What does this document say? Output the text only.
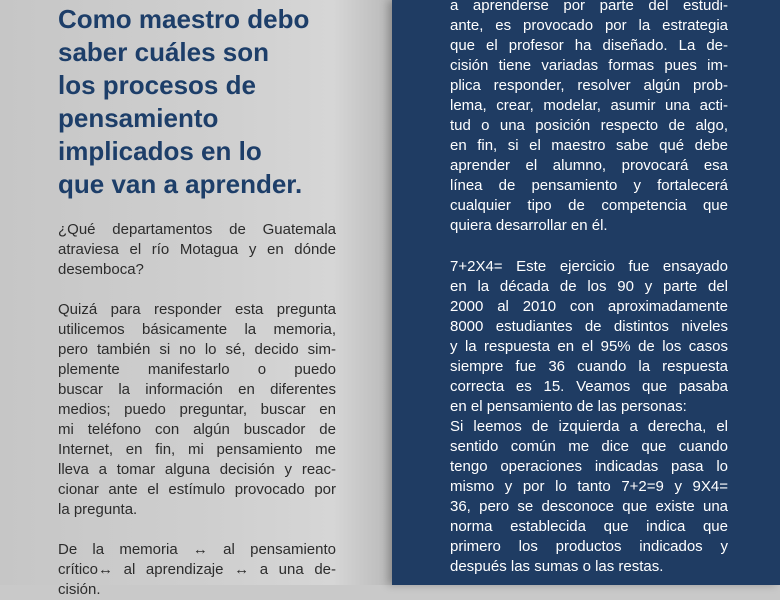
Como maestro debo
saber cuáles son
los procesos de
pensamiento
implicados en lo
que van a aprender.

¿Qué departamentos de Guatemala
atraviesa el río Motagua y en dónde
desemboca?

Quizá para responder esta pregunta
utilicemos básicamente la memoria,
pero también si no lo sé, decido sim-
plemente manifestarlo o puedo
buscar la información en diferentes
medios; puedo preguntar, buscar en
mi teléfono con algún buscador de
Internet, en fin, mi pensamiento me
lleva a tomar alguna decisión y reac-
cionar ante el estímulo provocado por
la pregunta.

De la memoria ↔ al pensamiento
crítico↔ al aprendizaje ↔ a una de-
cisión.

a aprenderse por parte del estudi-
ante, es provocado por la estrategia
que el profesor ha diseñado. La de-
cisión tiene variadas formas pues im-
plica responder, resolver algún prob-
lema, crear, modelar, asumir una acti-
tud o una posición respecto de algo,
en fin, si el maestro sabe qué debe
aprender el alumno, provocará esa
línea de pensamiento y fortalecerá
cualquier tipo de competencia que
quiera desarrollar en él.

7+2X4= Este ejercicio fue ensayado
en la década de los 90 y parte del
2000 al 2010 con aproximadamente
8000 estudiantes de distintos niveles
y la respuesta en el 95% de los casos
siempre fue 36 cuando la respuesta
correcta es 15. Veamos que pasaba
en el pensamiento de las personas:
Si leemos de izquierda a derecha, el
sentido común me dice que cuando
tengo operaciones indicadas pasa lo
mismo y por lo tanto 7+2=9 y 9X4=
36, pero se desconoce que existe una
norma establecida que indica que
primero los productos indicados y
después las sumas o las restas.
